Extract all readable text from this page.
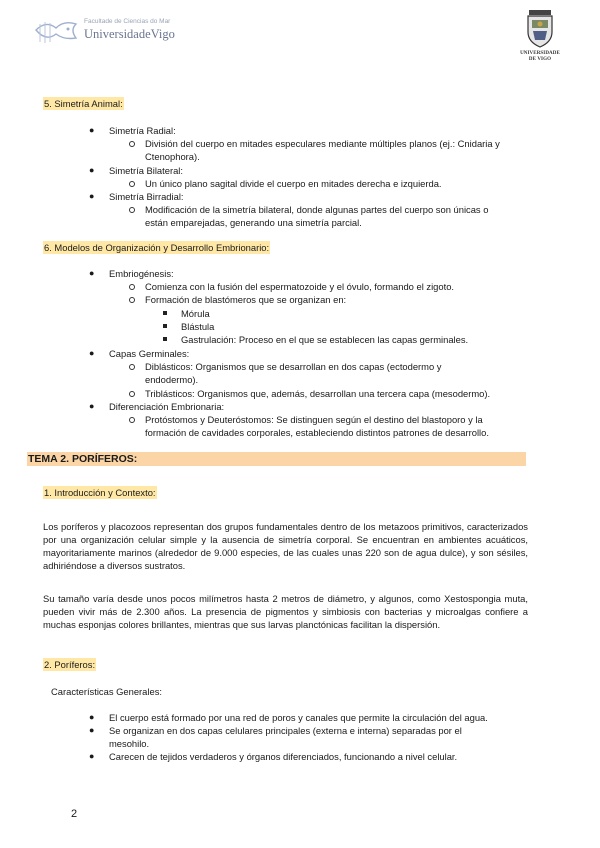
Facultade de Ciencias do Mar
UniversidadeVigo
UNIVERSIDADE
DE VIGO
5. Simetría Animal:
● Simetría Radial:
División del cuerpo en mitades especulares mediante múltiples planos (ej.: Cnidaria y
Ctenophora).
● Simetría Bilateral:
Un único plano sagital divide el cuerpo en mitades derecha e izquierda.
● Simetría Birradial:
Modificación de la simetría bilateral, donde algunas partes del cuerpo son únicas o
están emparejadas, generando una simetría parcial.
6. Modelos de Organización y Desarrollo Embrionario:
● Embriogénesis:
Comienza con la fusión del espermatozoide y el óvulo, formando el zigoto.
Formación de blastómeros que se organizan en:
Mórula
Blástula
Gastrulación: Proceso en el que se establecen las capas germinales.
● Capas Germinales:
Diblásticos: Organismos que se desarrollan en dos capas (ectodermo y
endodermo).
Triblásticos: Organismos que, además, desarrollan una tercera capa (mesodermo).
● Diferenciación Embrionaria:
Protóstomos y Deuteróstomos: Se distinguen según el destino del blastoporo y la
formación de cavidades corporales, estableciendo distintos patrones de desarrollo.
TEMA 2. PORÍFEROS:
1. Introducción y Contexto:
Los poríferos y placozoos representan dos grupos fundamentales dentro de los metazoos primitivos, caracterizados por una organización celular simple y la ausencia de simetría corporal. Se encuentran en ambientes acuáticos, mayoritariamente marinos (alrededor de 9.000 especies, de las cuales unas 220 son de agua dulce), y son sésiles, adhiriéndose a diversos sustratos.
Su tamaño varía desde unos pocos milímetros hasta 2 metros de diámetro, y algunos, como Xestospongia muta, pueden vivir más de 2.300 años. La presencia de pigmentos y simbiosis con bacterias y microalgas confiere a muchas esponjas colores brillantes, mientras que sus larvas planctónicas facilitan la dispersión.
2. Poríferos:
Características Generales:
● El cuerpo está formado por una red de poros y canales que permite la circulación del agua.
● Se organizan en dos capas celulares principales (externa e interna) separadas por el
mesohilo.
● Carecen de tejidos verdaderos y órganos diferenciados, funcionando a nivel celular.
2
